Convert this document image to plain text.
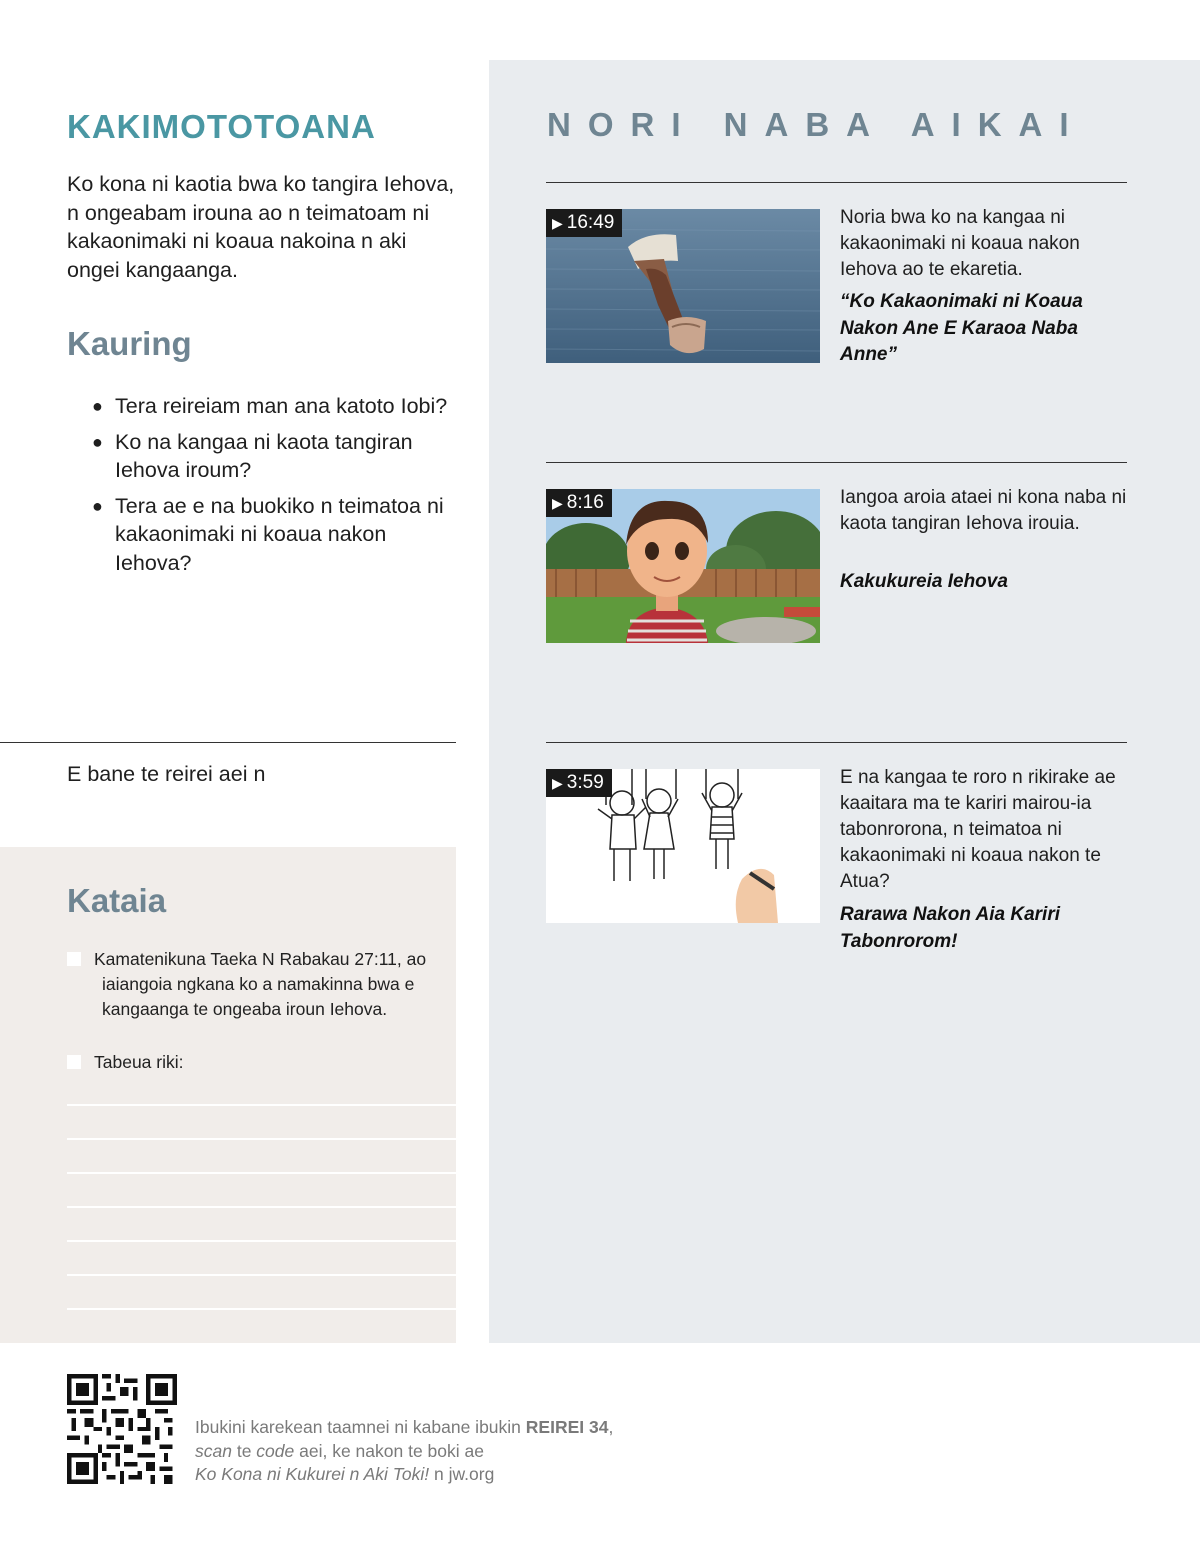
KAKIMOTOTOANA

Ko kona ni kaotia bwa ko tangira Iehova, n ongeabam irouna ao n teimatoam ni kakaonimaki ni koaua nakoina n aki ongei kangaanga.

Kauring
● Tera reireiam man ana katoto Iobi?
● Ko na kangaa ni kaota tangiran Iehova iroum?
● Tera ae e na buokiko n teimatoa ni kakaonimaki ni koaua nakon Iehova?

E bane te reirei aei n

Kataia
Kamatenikuna Taeka N Rabakau 27:11, ao
iaiangoia ngkana ko a namakinna bwa e
kangaanga te ongeaba iroun Iehova.
Tabeua riki:
NORI NABA AIKAI
▶ 16:49	Noria bwa ko na kangaa ni kakaonimaki ni koaua nakon Iehova ao te ekaretia.

“Ko Kakaonimaki ni Koaua Nakon Ane E Karaoa Naba Anne”

▶ 8:16	Iangoa aroia ataei ni kona naba ni kaota tangiran Iehova irouia.

Kakukureia Iehova

▶ 3:59	E na kangaa te roro n rikirake ae kaaitara ma te kariri mairou-ia tabonrorona, n teimatoa ni kakaonimaki ni koaua nakon te Atua?

Rarawa Nakon Aia Kariri Tabonrorom!

Ibukini karekean taamnei ni kabane ibukin REIREI 34,
scan te code aei, ke nakon te boki ae
Ko Kona ni Kukurei n Aki Toki! n jw.org
